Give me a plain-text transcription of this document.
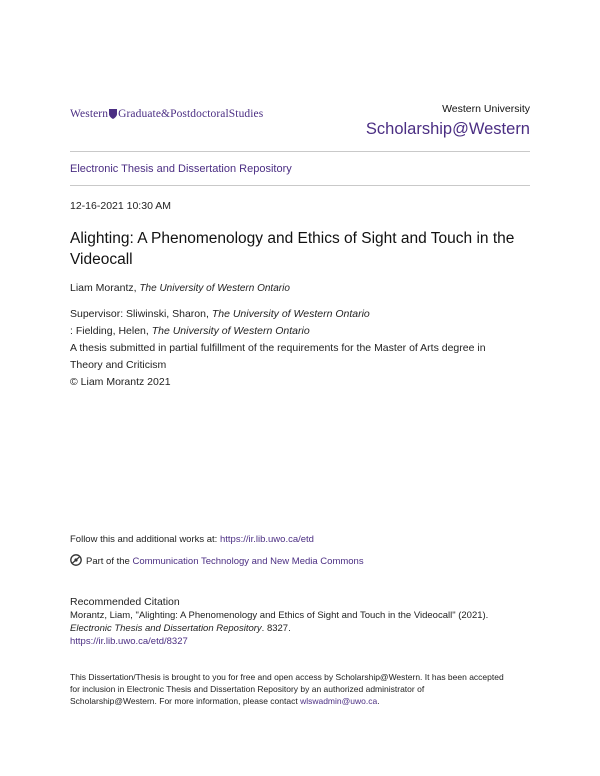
Western Graduate&PostdoctoralStudies	Western University
Scholarship@Western
Electronic Thesis and Dissertation Repository
12-16-2021 10:30 AM
Alighting: A Phenomenology and Ethics of Sight and Touch in the Videocall
Liam Morantz, The University of Western Ontario
Supervisor: Sliwinski, Sharon, The University of Western Ontario
: Fielding, Helen, The University of Western Ontario
A thesis submitted in partial fulfillment of the requirements for the Master of Arts degree in
Theory and Criticism
© Liam Morantz 2021
Follow this and additional works at: https://ir.lib.uwo.ca/etd
Part of the Communication Technology and New Media Commons
Recommended Citation
Morantz, Liam, "Alighting: A Phenomenology and Ethics of Sight and Touch in the Videocall" (2021).
Electronic Thesis and Dissertation Repository. 8327.
https://ir.lib.uwo.ca/etd/8327
This Dissertation/Thesis is brought to you for free and open access by Scholarship@Western. It has been accepted
for inclusion in Electronic Thesis and Dissertation Repository by an authorized administrator of
Scholarship@Western. For more information, please contact wlswadmin@uwo.ca.
